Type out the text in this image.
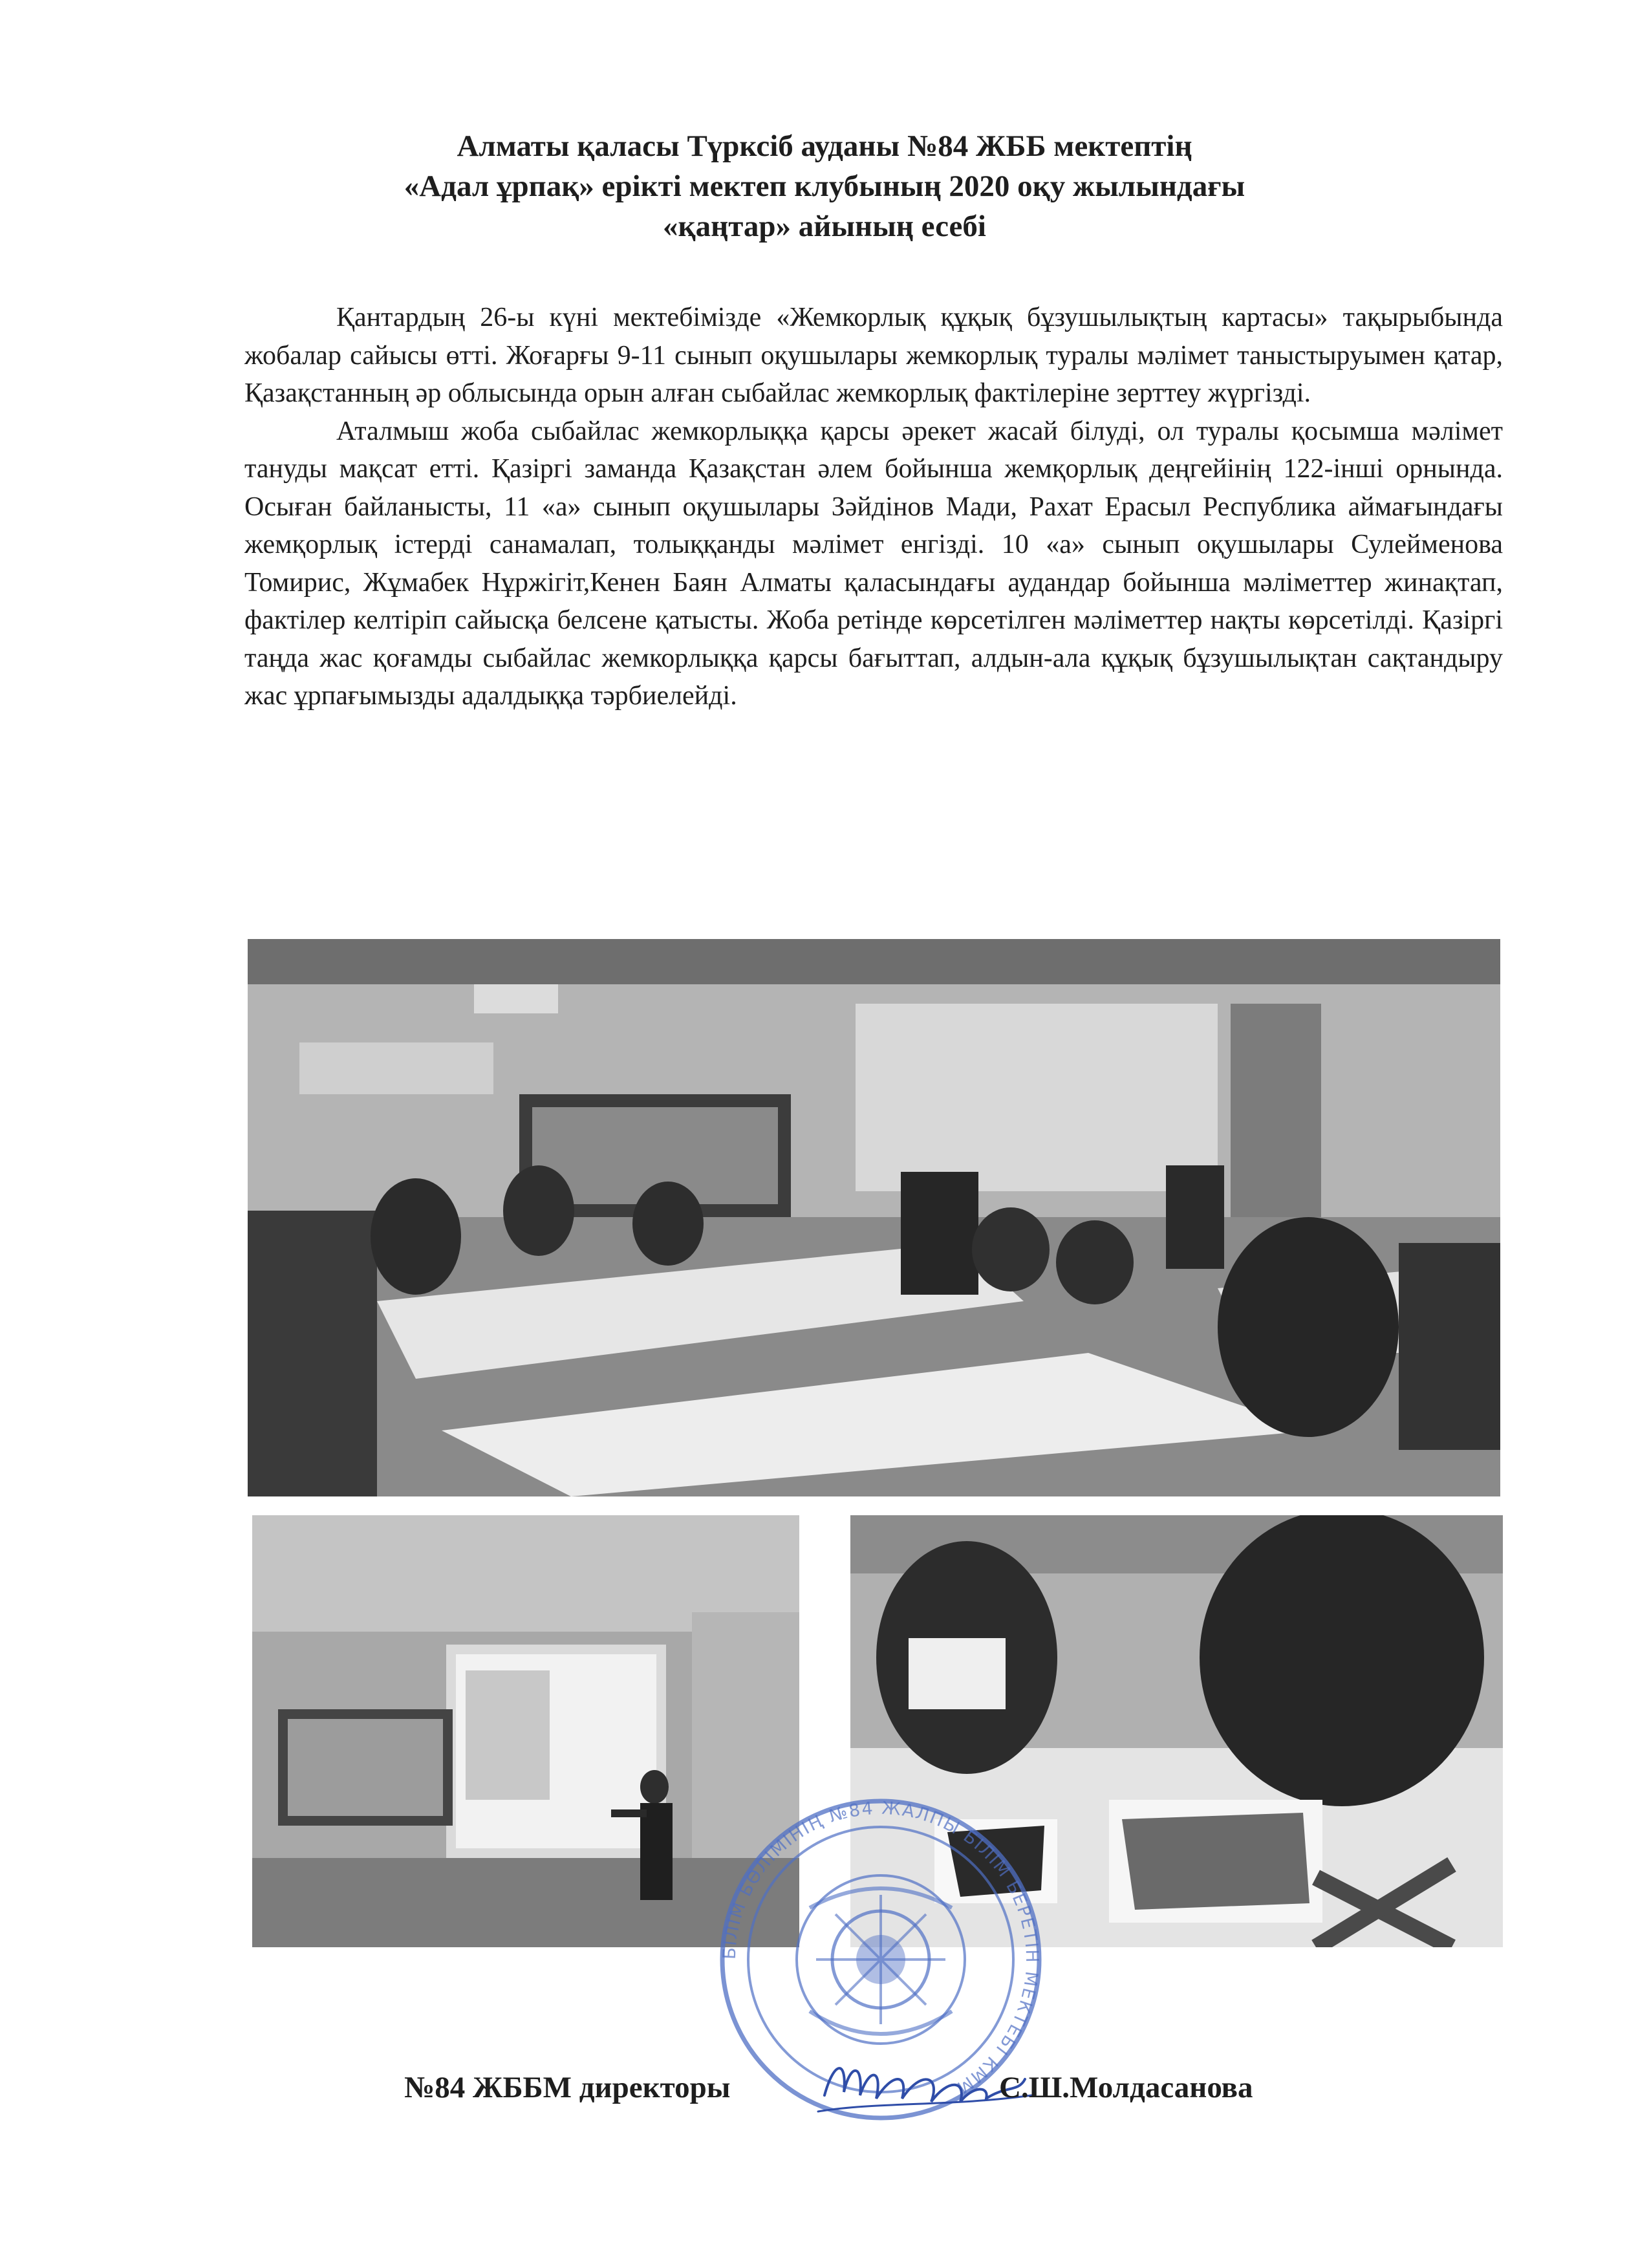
Алматы қаласы Түрксіб ауданы №84 ЖББ мектептің
«Адал ұрпақ» ерікті мектеп клубының 2020 оқу жылындағы
«қаңтар» айының есебі

Қантардың 26-ы күні мектебімізде «Жемкорлық құқық бұзушылықтың картасы» тақырыбында жобалар сайысы өтті. Жоғарғы 9-11 сынып оқушылары жемкорлық туралы мәлімет таныстыруымен қатар, Қазақстанның әр облысында орын алған сыбайлас жемкорлық фактілеріне зерттеу жүргізді.

Аталмыш жоба сыбайлас жемкорлыққа қарсы әрекет жасай білуді, ол туралы қосымша мәлімет тануды мақсат етті. Қазіргі заманда Қазақстан әлем бойынша жемқорлық деңгейінің 122-інші орнында. Осыған байланысты, 11 «а» сынып оқушылары Зәйдінов Мади, Рахат Ерасыл Республика аймағындағы жемқорлық істерді санамалап, толыққанды мәлімет енгізді. 10 «а» сынып оқушылары Сулейменова Томирис, Жұмабек Нұржігіт,Кенен Баян Алматы қаласындағы аудандар бойынша мәліметтер жинақтап, фактілер келтіріп сайысқа белсене қатысты. Жоба ретінде көрсетілген мәліметтер нақты көрсетілді. Қазіргі таңда жас қоғамды сыбайлас жемкорлыққа қарсы бағыттап, алдын-ала құқық бұзушылықтан сақтандыру жас ұрпағымызды адалдыққа тәрбиелейді.

БІЛІМ БӨЛІМІНІҢ №84 ЖАЛПЫ БІЛІМ БЕРЕТІН МЕКТЕБІ КММ
№84 ЖББМ директоры	С.Ш.Молдасанова
